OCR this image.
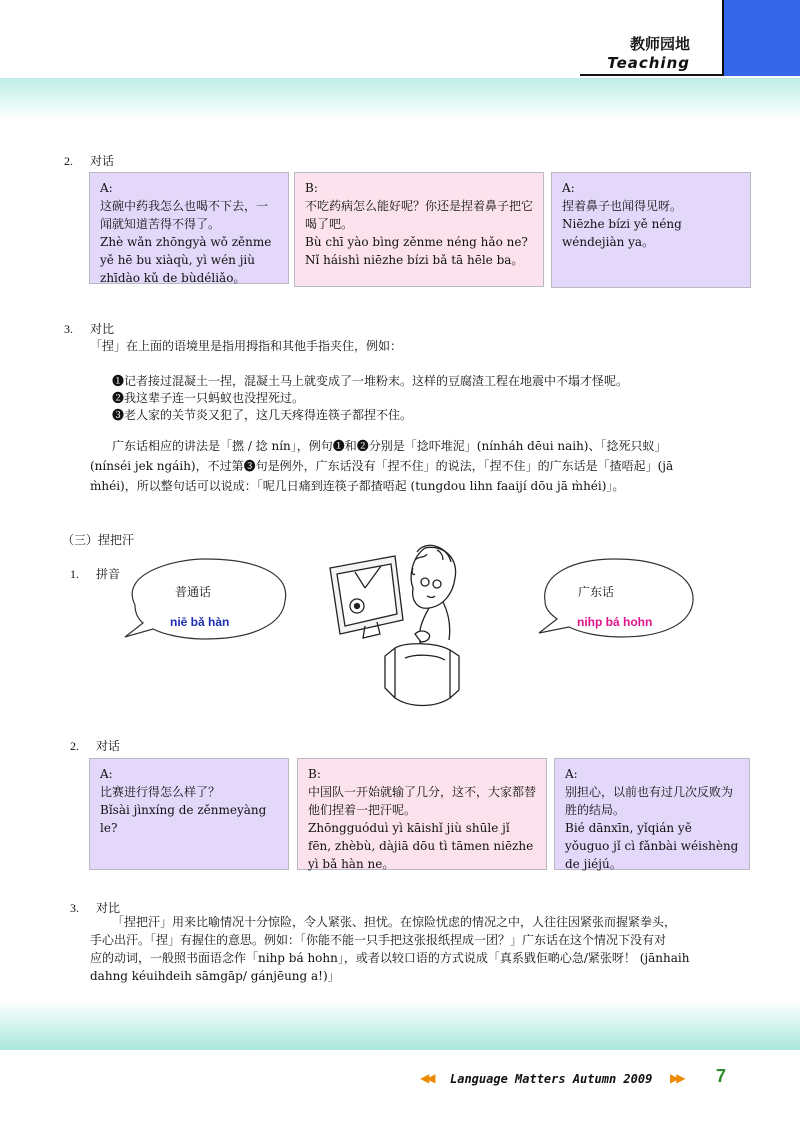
教师园地
Teaching
2. 对话
A:
这碗中药我怎么也喝不下去，一闻就知道苦得不得了。
Zhè wǎn zhōngyà wǒ zěnme yě hē bu xiàqù, yì wén jiù zhīdào kǔ de bùdéliǎo。
B:
不吃药病怎么能好呢？你还是捏着鼻子把它喝了吧。
Bù chī yào bìng zěnme néng hǎo ne? Nǐ háishì niēzhe bízi bǎ tā hēle ba。
A:
捏着鼻子也闻得见呀。
Niēzhe bízi yě néng wéndejiàn ya。
3. 对比
「捏」在上面的语境里是指用拇指和其他手指夹住，例如：
❶记者接过混凝土一捏，混凝土马上就变成了一堆粉末。这样的豆腐渣工程在地震中不塌才怪呢。
❷我这辈子连一只蚂蚁也没捏死过。
❸老人家的关节炎又犯了，这几天疼得连筷子都捏不住。
广东话相应的讲法是「撚 / 捻 nín」，例句❶和❷分别是「捻吓堆泥」(nínháh dēui naih)、「捻死只蚁」
(nínséi jek ngáih)，不过第❸句是例外，广东话没有「捏不住」的说法，「捏不住」的广东话是「揸唔起」(jā
m̀héi)，所以整句话可以说成：「呢几日痛到连筷子都揸唔起 (tungdou lihn faaijí dōu jā m̀héi)」。
（三）捏把汗
1. 拼音
普通话
niē bǎ hàn
广东话
nihp bá hohn
2. 对话
A:
比赛进行得怎么样了？
Bǐsài jìnxíng de zěnmeyàng le?
B:
中国队一开始就输了几分，这不，大家都替他们捏着一把汗呢。
Zhōngguóduì yì kāishǐ jiù shūle jǐ fēn, zhèbù, dàjiā dōu tì tāmen niēzhe yì bǎ hàn ne。
A:
别担心，以前也有过几次反败为胜的结局。
Bié dānxīn, yǐqián yě yǒuguo jǐ cì fǎnbài wéishèng de jiéjú。
3. 对比
「捏把汗」用来比喻情况十分惊险，令人紧张、担忧。在惊险忧虑的情况之中，人往往因紧张而握紧拳头，
手心出汗。「捏」有握住的意思。例如：「你能不能一只手把这张报纸捏成一团？」广东话在这个情况下没有对
应的动词，一般照书面语念作「nihp bá hohn」，或者以较口语的方式说成「真系戥佢啲心急/紧张呀！ (jānhaih
dahng kéuihdeih sāmgāp/ gánjēung a!)」
◀◀ Language Matters Autumn 2009 ▶▶ 7
